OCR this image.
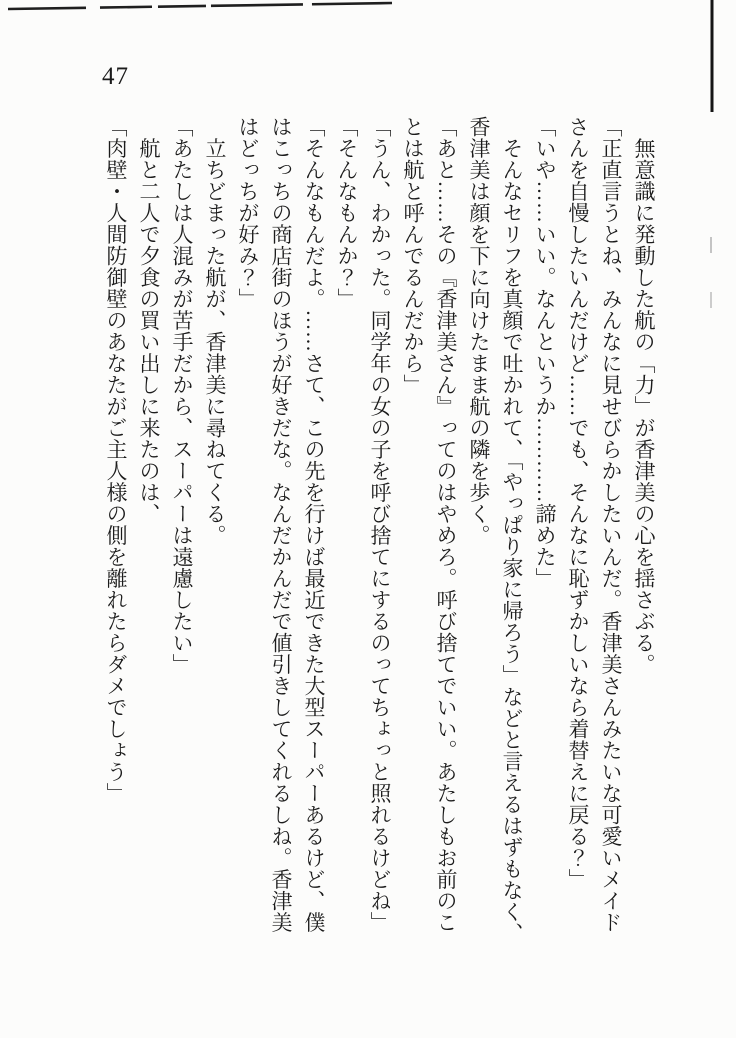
47

　無意識に発動した航の「力」が香津美の心を揺さぶる。

「正直言うとね、みんなに見せびらかしたいんだ。香津美さんみたいな可愛いメイド

さんを自慢したいんだけど……でも、そんなに恥ずかしいなら着替えに戻る？」

「いや……いい。なんというか…………諦めた」

　そんなセリフを真顔で吐かれて、「やっぱり家に帰ろう」などと言えるはずもなく、

香津美は顔を下に向けたまま航の隣を歩く。

「あと……その『香津美さん』ってのはやめろ。呼び捨てでいい。あたしもお前のこ

とは航と呼んでるんだから」

「うん、わかった。同学年の女の子を呼び捨てにするのってちょっと照れるけどね」

「そんなもんか？」

「そんなもんだよ。……さて、この先を行けば最近できた大型スーパーあるけど、僕

はこっちの商店街のほうが好きだな。なんだかんだで値引きしてくれるしね。香津美

はどっちが好み？」

　立ちどまった航が、香津美に尋ねてくる。

「あたしは人混みが苦手だから、スーパーは遠慮したい」

　航と二人で夕食の買い出しに来たのは、

「肉壁・人間防御壁のあなたがご主人様の側を離れたらダメでしょう」
